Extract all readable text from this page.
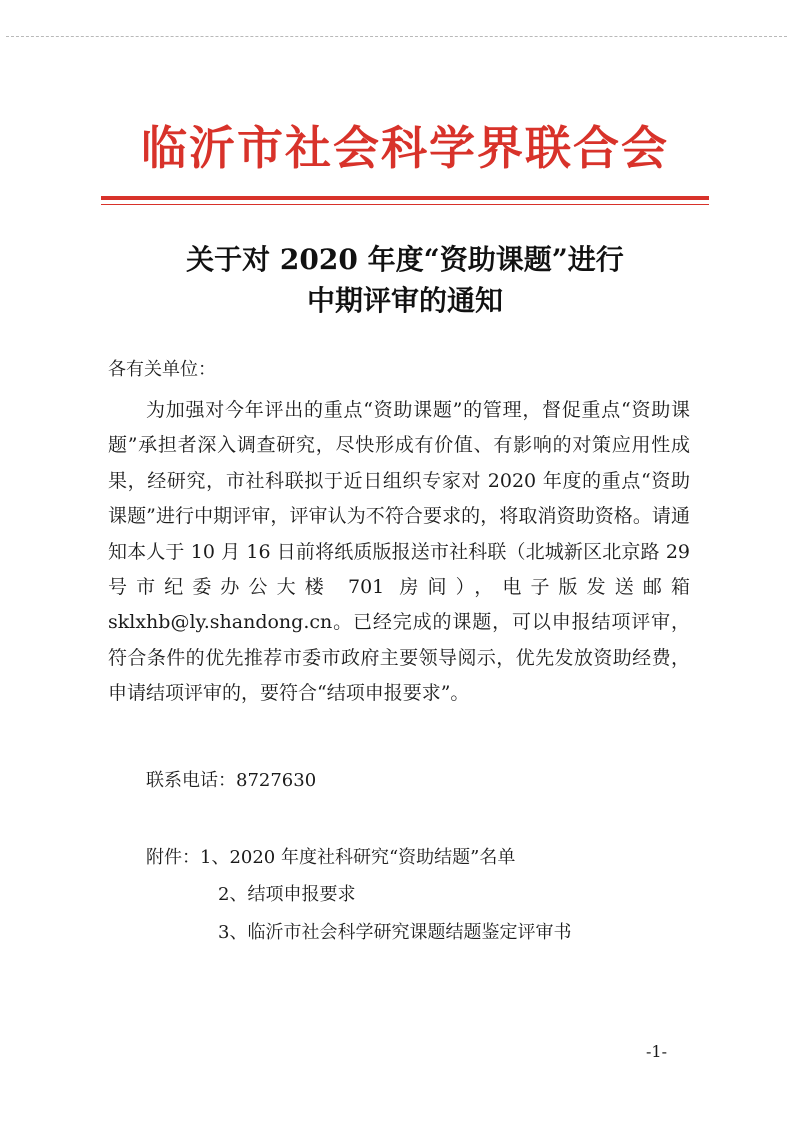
临沂市社会科学界联合会
关于对 2020 年度“资助课题”进行
中期评审的通知
各有关单位：

为加强对今年评出的重点“资助课题”的管理，督促重点“资助课题”承担者深入调查研究，尽快形成有价值、有影响的对策应用性成果，经研究，市社科联拟于近日组织专家对 2020 年度的重点“资助课题”进行中期评审，评审认为不符合要求的，将取消资助资格。请通知本人于 10 月 16 日前将纸质版报送市社科联（北城新区北京路 29 号市纪委办公大楼 701 房间），电子版发送邮箱 sklxhb@ly.shandong.cn。已经完成的课题，可以申报结项评审，符合条件的优先推荐市委市政府主要领导阅示，优先发放资助经费，申请结项评审的，要符合“结项申报要求”。

联系电话：8727630
附件：1、2020 年度社科研究“资助结题”名单
2、结项申报要求
3、临沂市社会科学研究课题结题鉴定评审书
-1-
